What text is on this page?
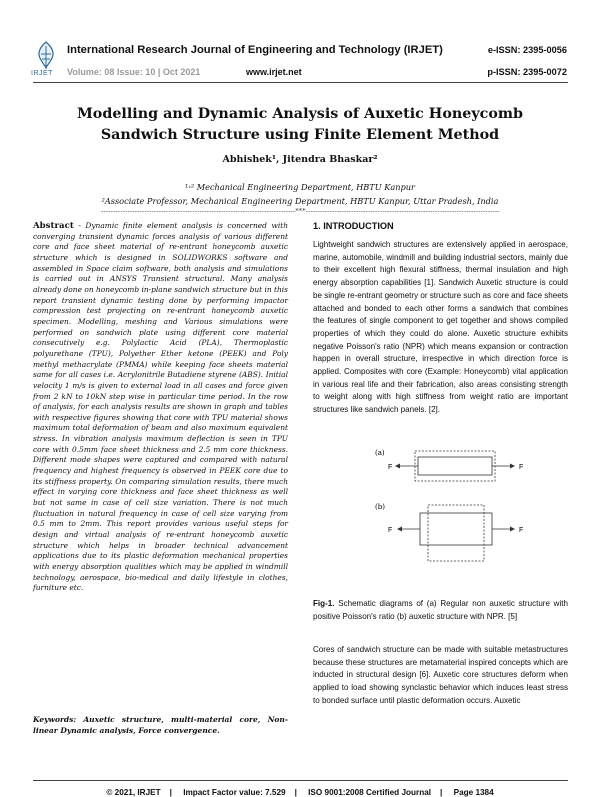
IRJET
International Research Journal of Engineering and Technology (IRJET)	e-ISSN: 2395-0056
Volume: 08 Issue: 10 | Oct 2021	www.irjet.net	p-ISSN: 2395-0072
Modelling and Dynamic Analysis of Auxetic Honeycomb Sandwich Structure using Finite Element Method
Abhishek¹, Jitendra Bhaskar²
¹˒² Mechanical Engineering Department, HBTU Kanpur
²Associate Professor, Mechanical Engineering Department, HBTU Kanpur, Uttar Pradesh, India
---------------------------------------------------------------------------------***---------------------------------------------------------------------------------
Abstract - Dynamic finite element analysis is concerned with converging transient dynamic forces analysis of various different core and face sheet material of re-entrant honeycomb auxetic structure which is designed in SOLIDWORKS software and assembled in Space claim software, both analysis and simulations is carried out in ANSYS Transient structural. Many analysis already done on honeycomb in-plane sandwich structure but in this report transient dynamic testing done by performing impactor compression test projecting on re-entrant honeycomb auxetic specimen. Modelling, meshing and Various simulations were performed on sandwich plate using different core material consecutively e.g. Polylactic Acid (PLA), Thermoplastic polyurethane (TPU), Polyether Ether ketone (PEEK) and Poly methyl methacrylate (PMMA) while keeping face sheets material same for all cases i.e. Acrylonitrile Butadiene styrene (ABS). Initial velocity 1 m/s is given to external load in all cases and force given from 2 kN to 10kN step wise in particular time period. In the row of analysis, for each analysis results are shown in graph and tables with respective figures showing that core with TPU material shows maximum total deformation of beam and also maximum equivalent stress. In vibration analysis maximum deflection is seen in TPU core with 0.5mm face sheet thickness and 2.5 mm core thickness. Different mode shapes were captured and compared with natural frequency and highest frequency is observed in PEEK core due to its stiffness property. On comparing simulation results, there much effect in varying core thickness and face sheet thickness as well but not same in case of cell size variation. There is not much fluctuation in natural frequency in case of cell size varying from 0.5 mm to 2mm. This report provides various useful steps for design and virtual analysis of re-entrant honeycomb auxetic structure which helps in broader technical advancement applications due to its plastic deformation mechanical properties with energy absorption qualities which may be applied in windmill technology, aerospace, bio-medical and daily lifestyle in clothes, furniture etc.
Keywords: Auxetic structure, multi-material core, Non-linear Dynamic analysis, Force convergence.
1. INTRODUCTION
Lightweight sandwich structures are extensively applied in aerospace, marine, automobile, windmill and building industrial sectors, mainly due to their excellent high flexural stiffness, thermal insulation and high energy absorption capabilities [1]. Sandwich Auxetic structure is could be single re-entrant geometry or structure such as core and face sheets attached and bonded to each other forms a sandwich that combines the features of single component to get together and shows compiled properties of which they could do alone. Auxetic structure exhibits negative Poisson's ratio (NPR) which means expansion or contraction happen in overall structure, irrespective in which direction force is applied. Composites with core (Example: Honeycomb) vital application in various real life and their fabrication, also areas consisting strength to weight along with high stiffness from weight ratio are important structures like sandwich panels. [2].
(a)
F	F
(b)
F	F
Fig-1. Schematic diagrams of (a) Regular non auxetic structure with positive Poisson's ratio (b) auxetic structure with NPR. [5]
Cores of sandwich structure can be made with suitable metastructures because these structures are metamaterial inspired concepts which are inducted in structural design [6]. Auxetic core structures deform when applied to load showing synclastic behavior which induces least stress to bonded surface until plastic deformation occurs. Auxetic
© 2021, IRJET | Impact Factor value: 7.529 | ISO 9001:2008 Certified Journal | Page 1384
